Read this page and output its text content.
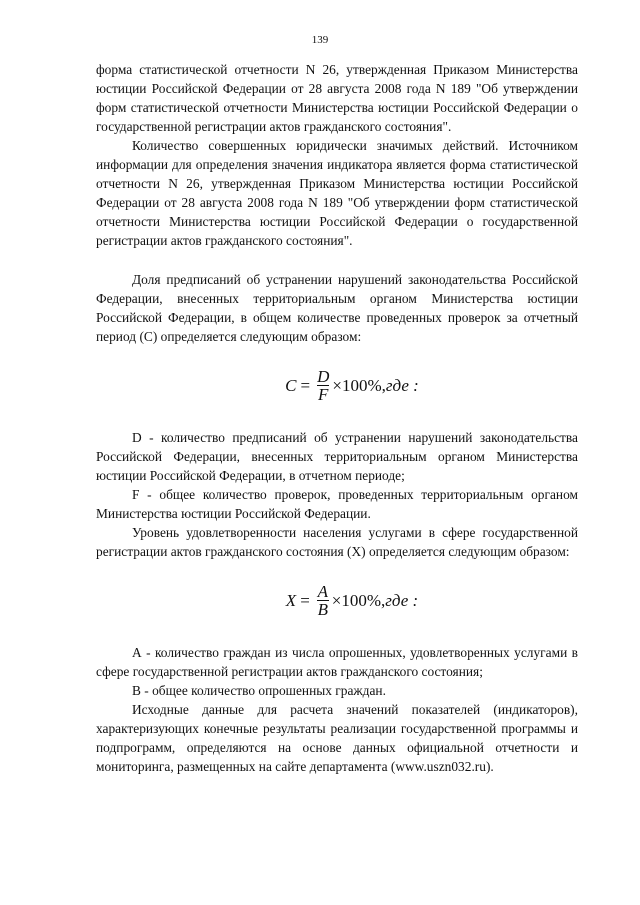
139

форма статистической отчетности N 26, утвержденная Приказом Министерства юстиции Российской Федерации от 28 августа 2008 года N 189 "Об утверждении форм статистической отчетности Министерства юстиции Российской Федерации о государственной регистрации актов гражданского состояния".

Количество совершенных юридически значимых действий. Источником информации для определения значения индикатора является форма статистической отчетности N 26, утвержденная Приказом Министерства юстиции Российской Федерации от 28 августа 2008 года N 189 "Об утверждении форм статистической отчетности Министерства юстиции Российской Федерации о государственной регистрации актов гражданского состояния".

Доля предписаний об устранении нарушений законодательства Российской Федерации, внесенных территориальным органом Министерства юстиции Российской Федерации, в общем количестве проведенных проверок за отчетный период (С) определяется следующим образом:

$C = \frac{D}{F} \times 100\%$, где :

D - количество предписаний об устранении нарушений законодательства Российской Федерации, внесенных территориальным органом Министерства юстиции Российской Федерации, в отчетном периоде;

F - общее количество проверок, проведенных территориальным органом Министерства юстиции Российской Федерации.

Уровень удовлетворенности населения услугами в сфере государственной регистрации актов гражданского состояния (X) определяется следующим образом:

$X = \frac{A}{B} \times 100\%$, где :

А - количество граждан из числа опрошенных, удовлетворенных услугами в сфере государственной регистрации актов гражданского состояния;

В - общее количество опрошенных граждан.

Исходные данные для расчета значений показателей (индикаторов), характеризующих конечные результаты реализации государственной программы и подпрограмм, определяются на основе данных официальной отчетности и мониторинга, размещенных на сайте департамента (www.uszn032.ru).
